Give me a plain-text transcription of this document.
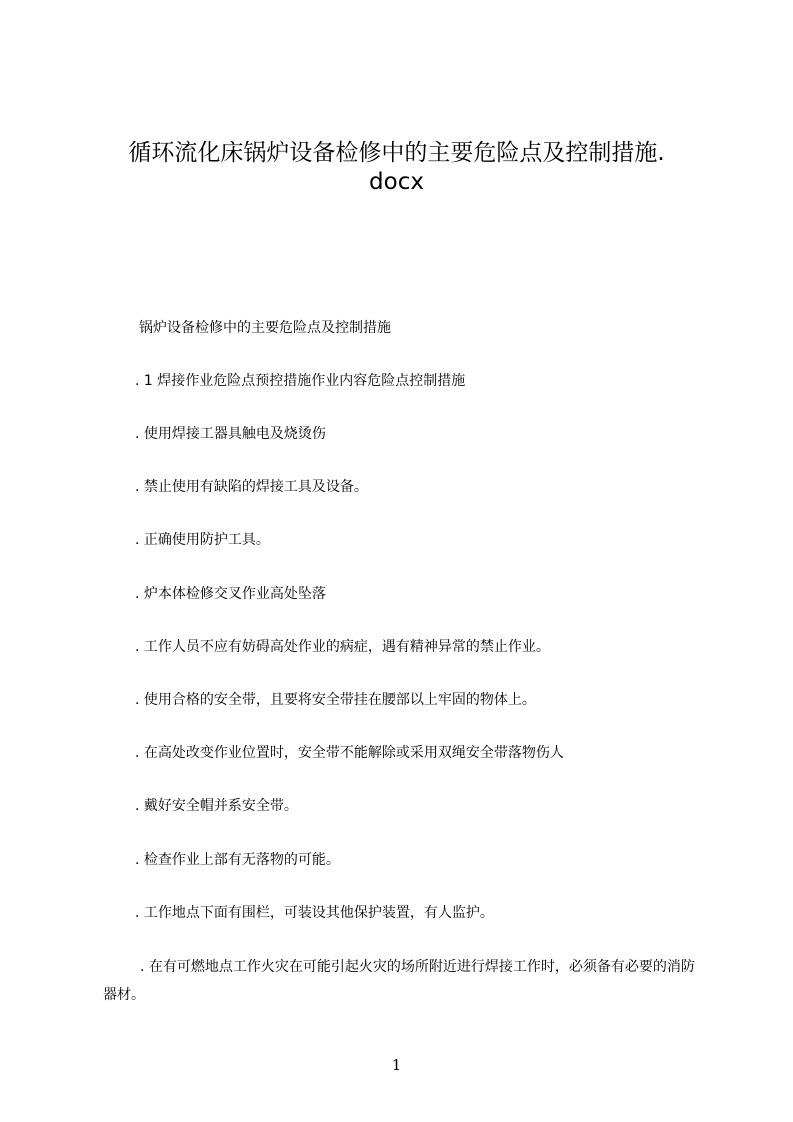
循环流化床锅炉设备检修中的主要危险点及控制措施.
docx
锅炉设备检修中的主要危险点及控制措施
. 1 焊接作业危险点预控措施作业内容危险点控制措施
. 使用焊接工器具触电及烧烫伤
. 禁止使用有缺陷的焊接工具及设备。
. 正确使用防护工具。
. 炉本体检修交叉作业高处坠落
. 工作人员不应有妨碍高处作业的病症，遇有精神异常的禁止作业。
. 使用合格的安全带，且要将安全带挂在腰部以上牢固的物体上。
. 在高处改变作业位置时，安全带不能解除或采用双绳安全带落物伤人
. 戴好安全帽并系安全带。
. 检查作业上部有无落物的可能。
. 工作地点下面有围栏，可装设其他保护装置，有人监护。
. 在有可燃地点工作火灾在可能引起火灾的场所附近进行焊接工作时，必须备有必要的消防器材。
1
